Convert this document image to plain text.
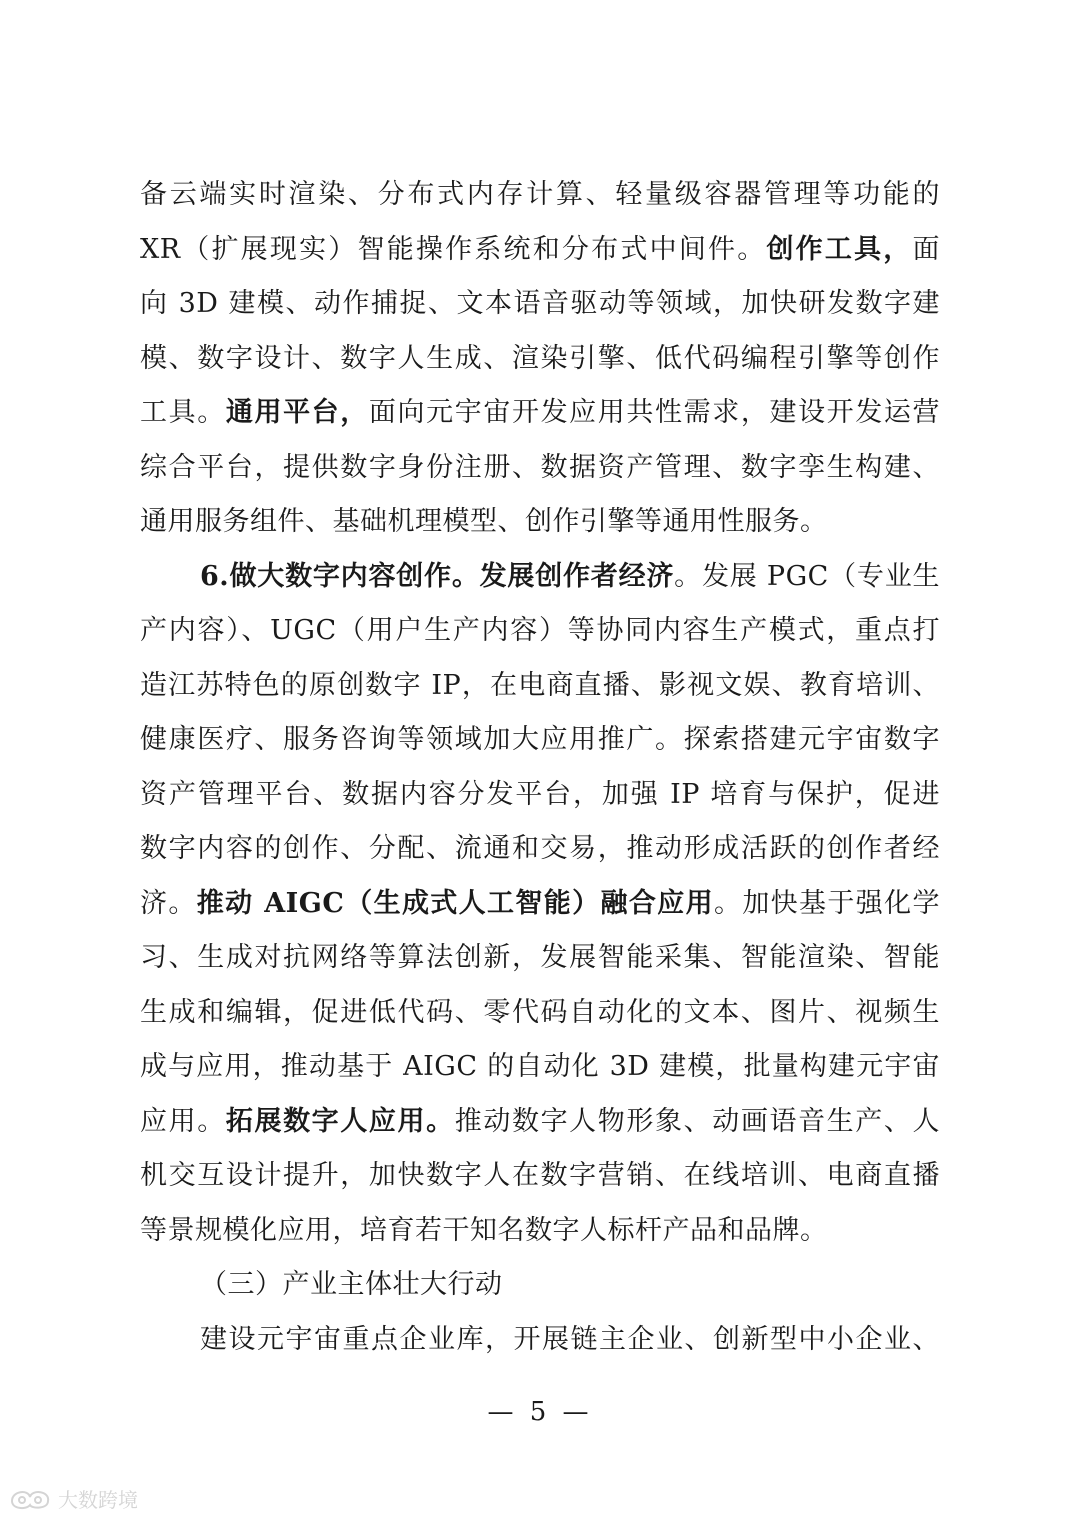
备云端实时渲染、分布式内存计算、轻量级容器管理等功能的
XR（扩展现实）智能操作系统和分布式中间件。创作工具，面
向 3D 建模、动作捕捉、文本语音驱动等领域，加快研发数字建
模、数字设计、数字人生成、渲染引擎、低代码编程引擎等创作
工具。通用平台，面向元宇宙开发应用共性需求，建设开发运营
综合平台，提供数字身份注册、数据资产管理、数字孪生构建、
通用服务组件、基础机理模型、创作引擎等通用性服务。
6.做大数字内容创作。发展创作者经济。发展 PGC（专业生
产内容）、UGC（用户生产内容）等协同内容生产模式，重点打
造江苏特色的原创数字 IP，在电商直播、影视文娱、教育培训、
健康医疗、服务咨询等领域加大应用推广。探索搭建元宇宙数字
资产管理平台、数据内容分发平台，加强 IP 培育与保护，促进
数字内容的创作、分配、流通和交易，推动形成活跃的创作者经
济。推动 AIGC（生成式人工智能）融合应用。加快基于强化学
习、生成对抗网络等算法创新，发展智能采集、智能渲染、智能
生成和编辑，促进低代码、零代码自动化的文本、图片、视频生
成与应用，推动基于 AIGC 的自动化 3D 建模，批量构建元宇宙
应用。拓展数字人应用。推动数字人物形象、动画语音生产、人
机交互设计提升，加快数字人在数字营销、在线培训、电商直播
等景规模化应用，培育若干知名数字人标杆产品和品牌。
（三）产业主体壮大行动
建设元宇宙重点企业库，开展链主企业、创新型中小企业、
— 5 —
大数跨境
